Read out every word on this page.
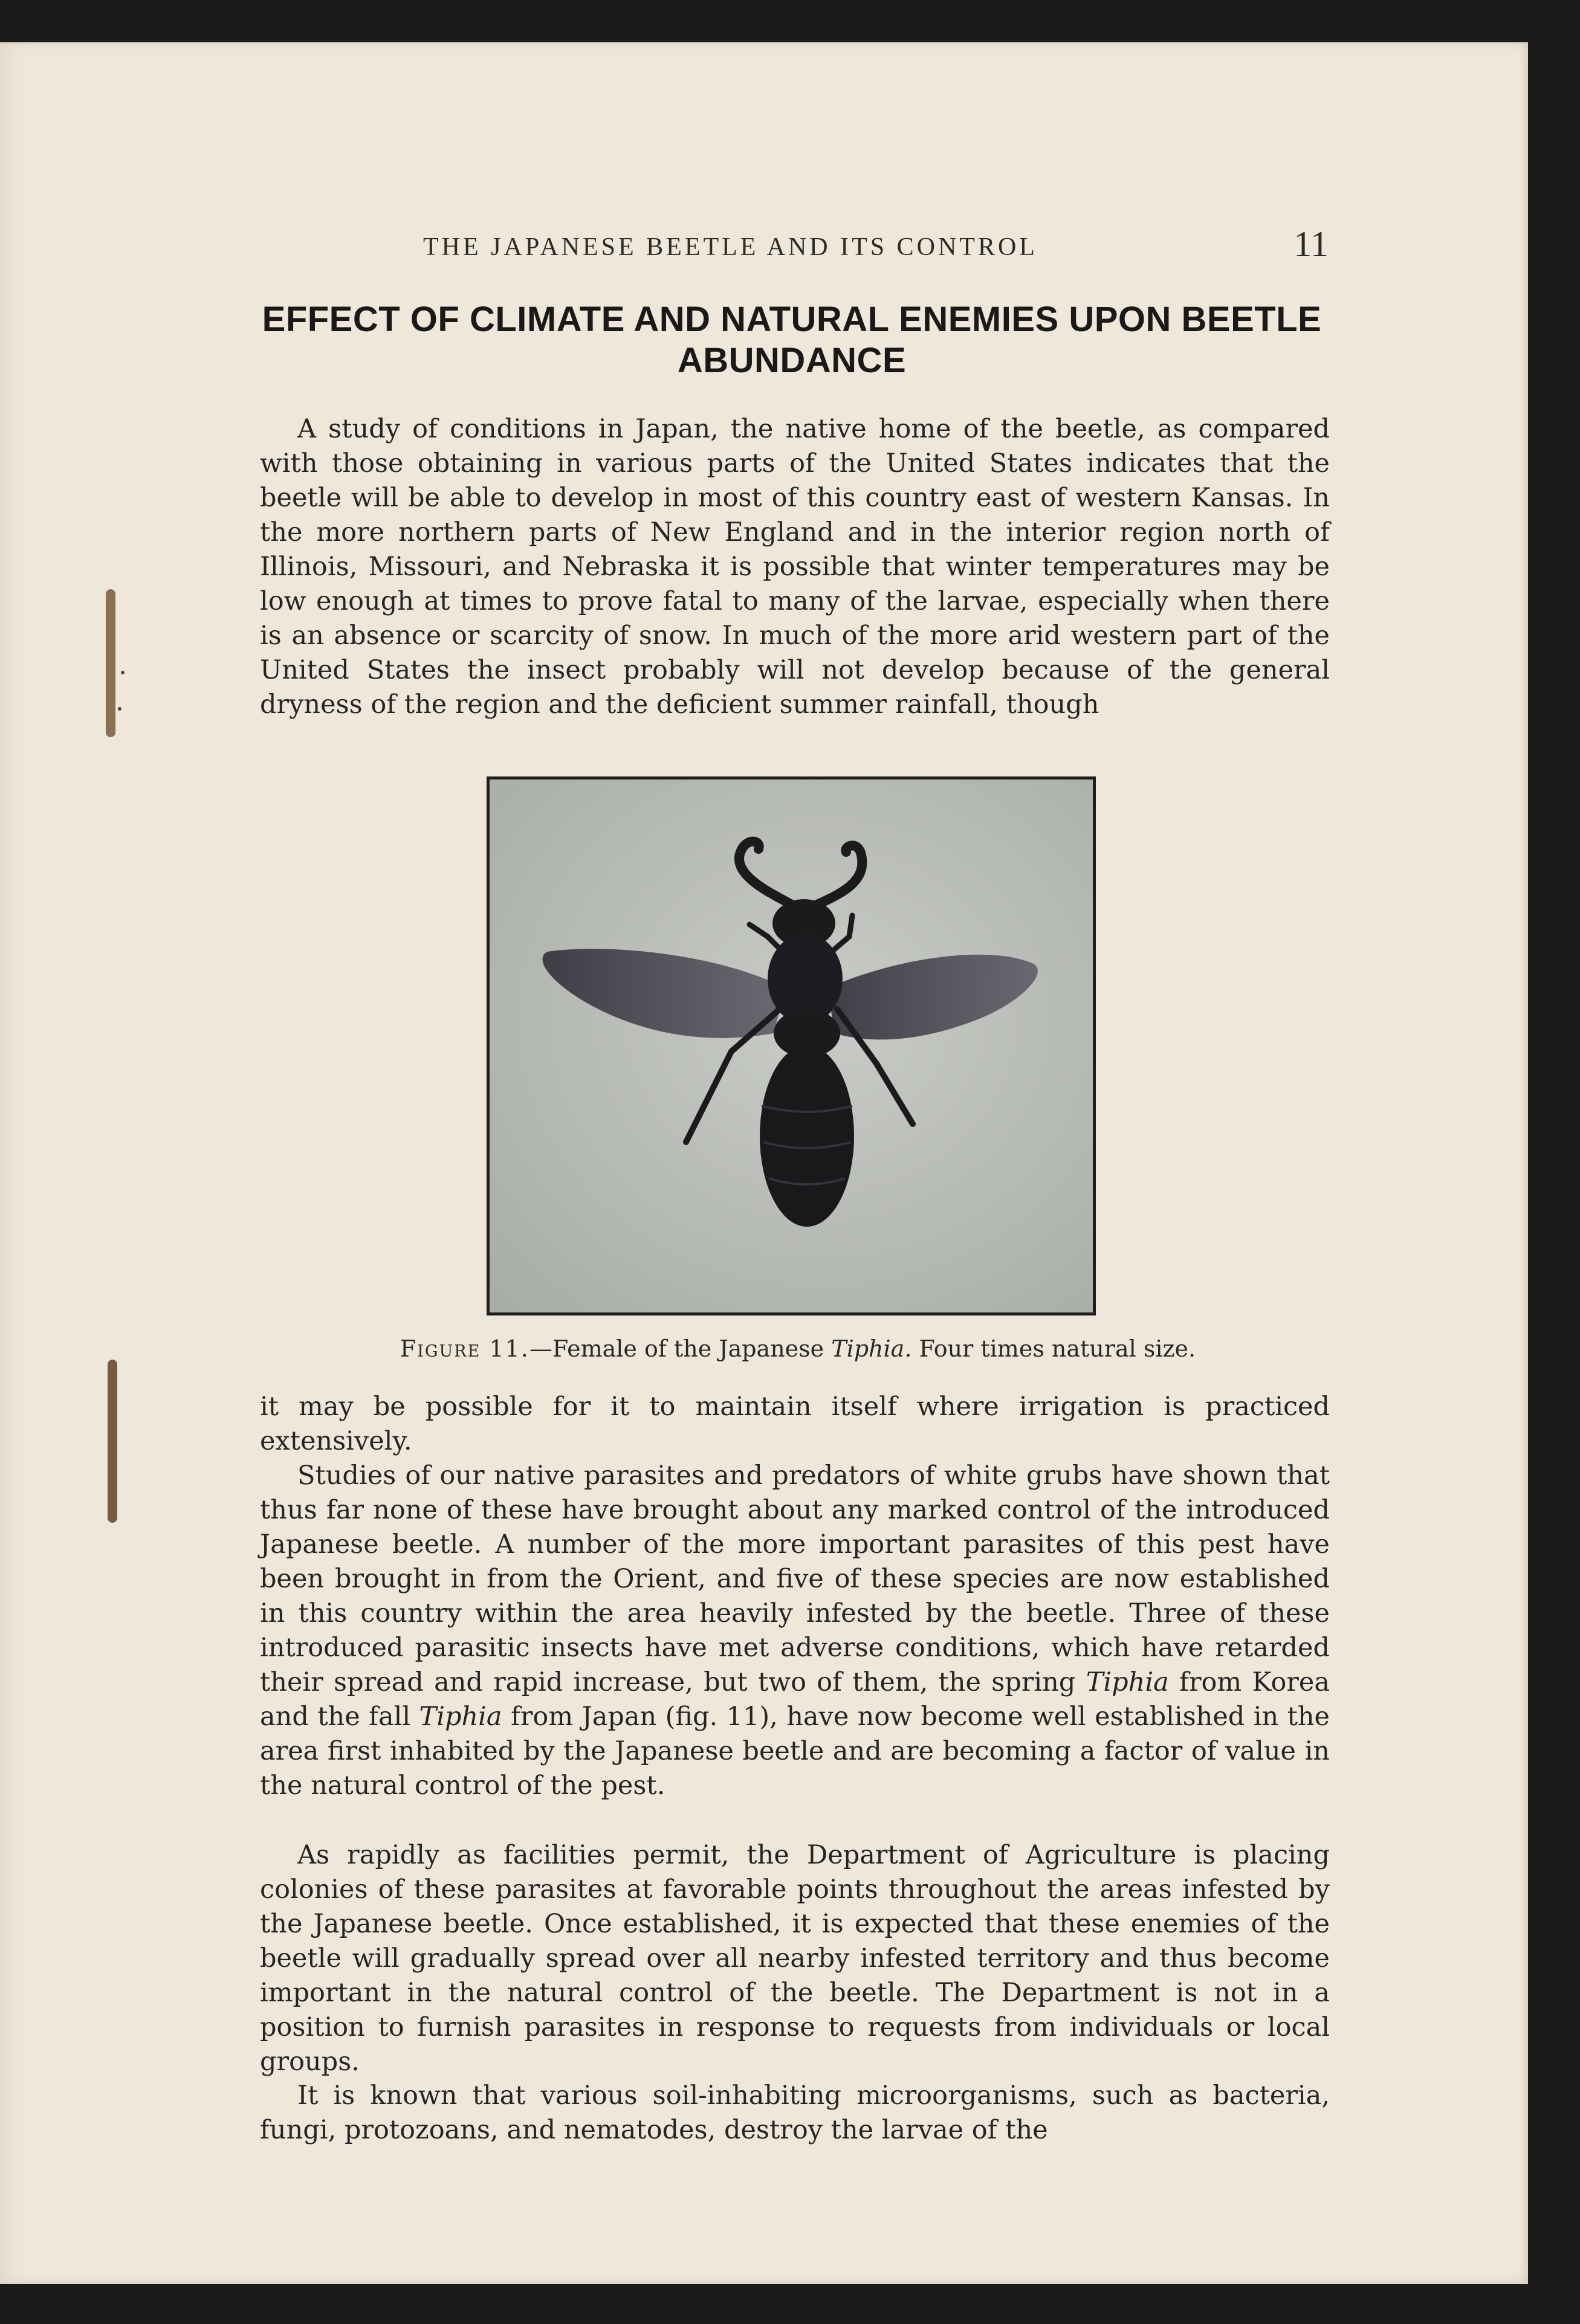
THE JAPANESE BEETLE AND ITS CONTROL	11
EFFECT OF CLIMATE AND NATURAL ENEMIES UPON BEETLE ABUNDANCE

A study of conditions in Japan, the native home of the beetle, as compared with those obtaining in various parts of the United States indicates that the beetle will be able to develop in most of this country east of western Kansas. In the more northern parts of New England and in the interior region north of Illinois, Missouri, and Nebraska it is possible that winter temperatures may be low enough at times to prove fatal to many of the larvae, especially when there is an absence or scarcity of snow. In much of the more arid western part of the United States the insect probably will not develop because of the general dryness of the region and the deficient summer rainfall, though

Figure 11.—Female of the Japanese Tiphia. Four times natural size.

it may be possible for it to maintain itself where irrigation is practiced extensively.

Studies of our native parasites and predators of white grubs have shown that thus far none of these have brought about any marked control of the introduced Japanese beetle. A number of the more important parasites of this pest have been brought in from the Orient, and five of these species are now established in this country within the area heavily infested by the beetle. Three of these introduced parasitic insects have met adverse conditions, which have retarded their spread and rapid increase, but two of them, the spring Tiphia from Korea and the fall Tiphia from Japan (fig. 11), have now become well established in the area first inhabited by the Japanese beetle and are becoming a factor of value in the natural control of the pest.

As rapidly as facilities permit, the Department of Agriculture is placing colonies of these parasites at favorable points throughout the areas infested by the Japanese beetle. Once established, it is expected that these enemies of the beetle will gradually spread over all nearby infested territory and thus become important in the natural control of the beetle. The Department is not in a position to furnish parasites in response to requests from individuals or local groups.

It is known that various soil-inhabiting microorganisms, such as bacteria, fungi, protozoans, and nematodes, destroy the larvae of the
